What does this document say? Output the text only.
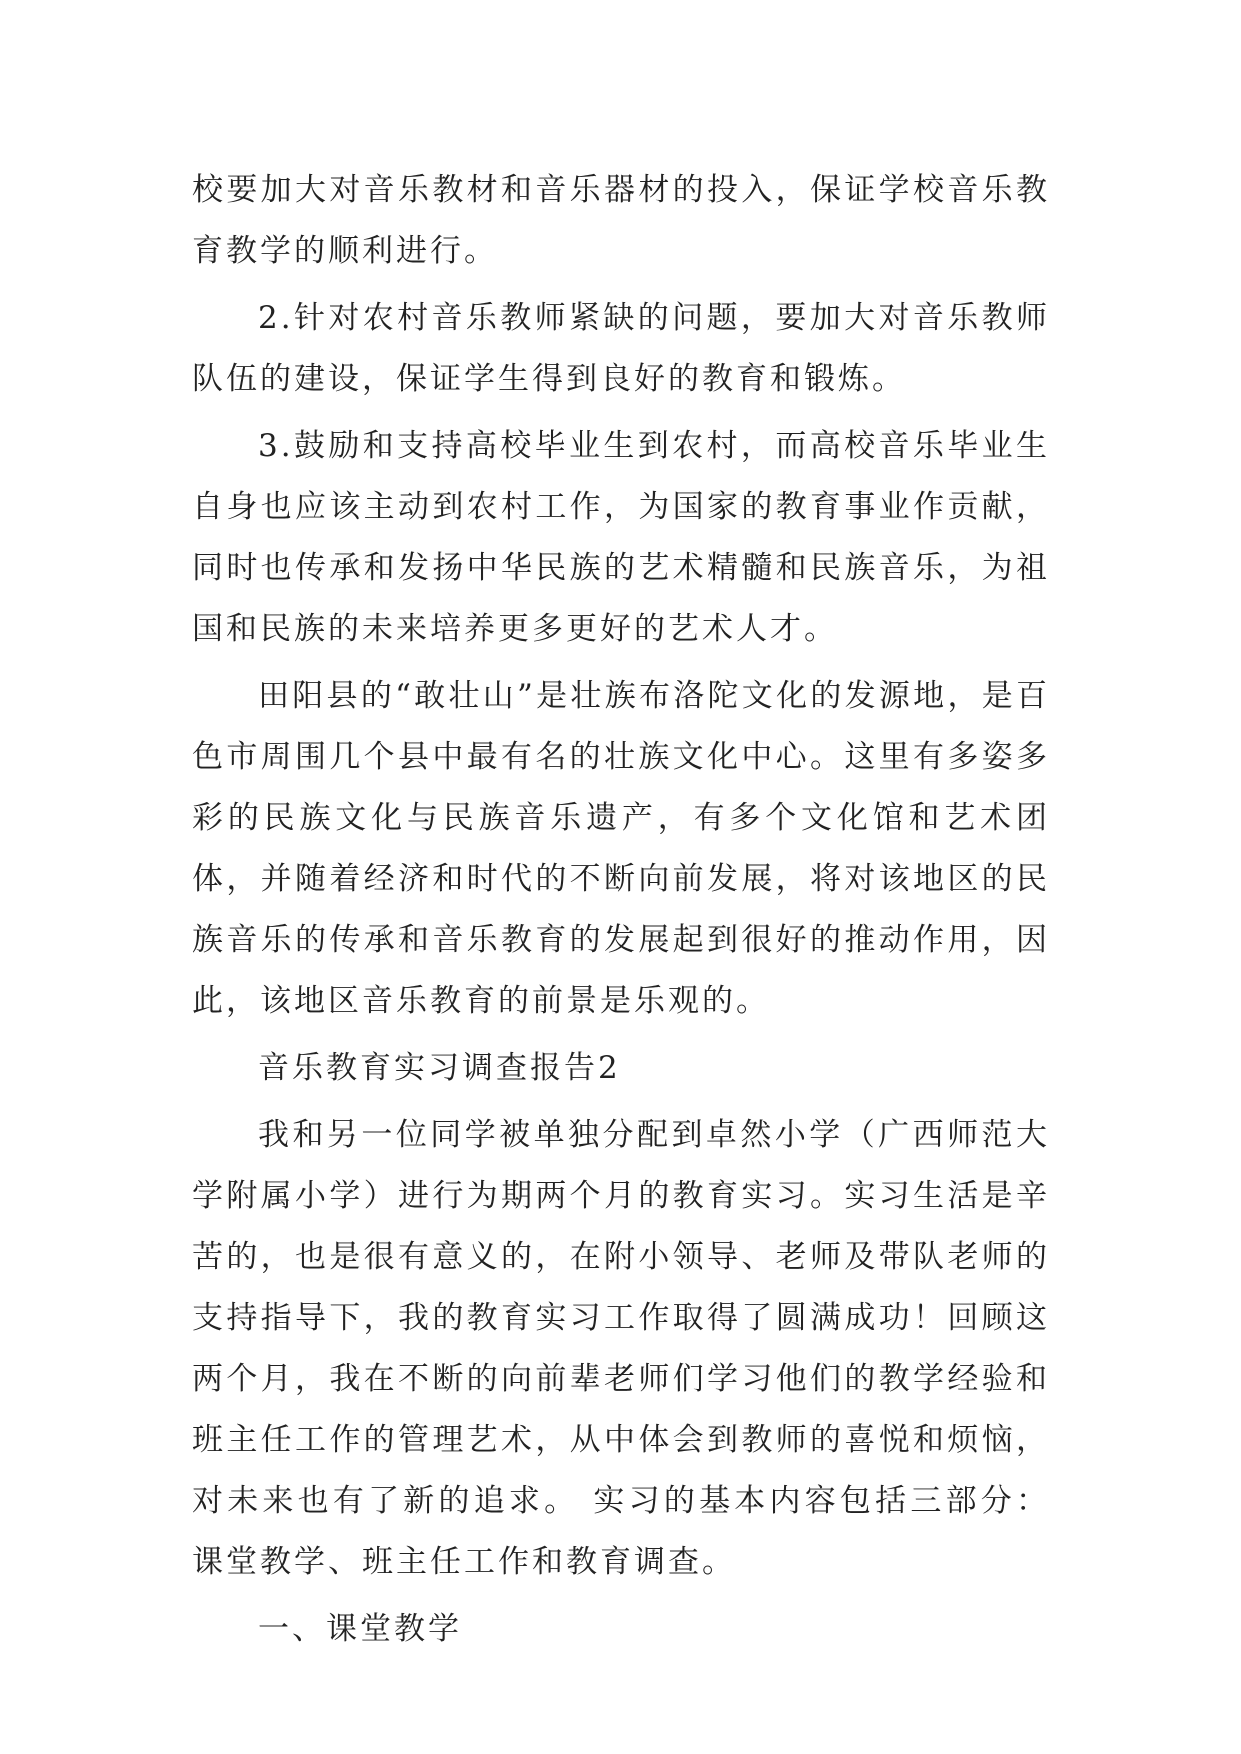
校要加大对音乐教材和音乐器材的投入，保证学校音乐教育教学的顺利进行。

2.针对农村音乐教师紧缺的问题，要加大对音乐教师队伍的建设，保证学生得到良好的教育和锻炼。

3.鼓励和支持高校毕业生到农村，而高校音乐毕业生自身也应该主动到农村工作，为国家的教育事业作贡献，同时也传承和发扬中华民族的艺术精髓和民族音乐，为祖国和民族的未来培养更多更好的艺术人才。

田阳县的“敢壮山”是壮族布洛陀文化的发源地，是百色市周围几个县中最有名的壮族文化中心。这里有多姿多彩的民族文化与民族音乐遗产，有多个文化馆和艺术团体，并随着经济和时代的不断向前发展，将对该地区的民族音乐的传承和音乐教育的发展起到很好的推动作用，因此，该地区音乐教育的前景是乐观的。

音乐教育实习调查报告2

我和另一位同学被单独分配到卓然小学（广西师范大学附属小学）进行为期两个月的教育实习。实习生活是辛苦的，也是很有意义的，在附小领导、老师及带队老师的支持指导下，我的教育实习工作取得了圆满成功！回顾这两个月，我在不断的向前辈老师们学习他们的教学经验和班主任工作的管理艺术，从中体会到教师的喜悦和烦恼，对未来也有了新的追求。 实习的基本内容包括三部分：课堂教学、班主任工作和教育调查。

一、课堂教学
